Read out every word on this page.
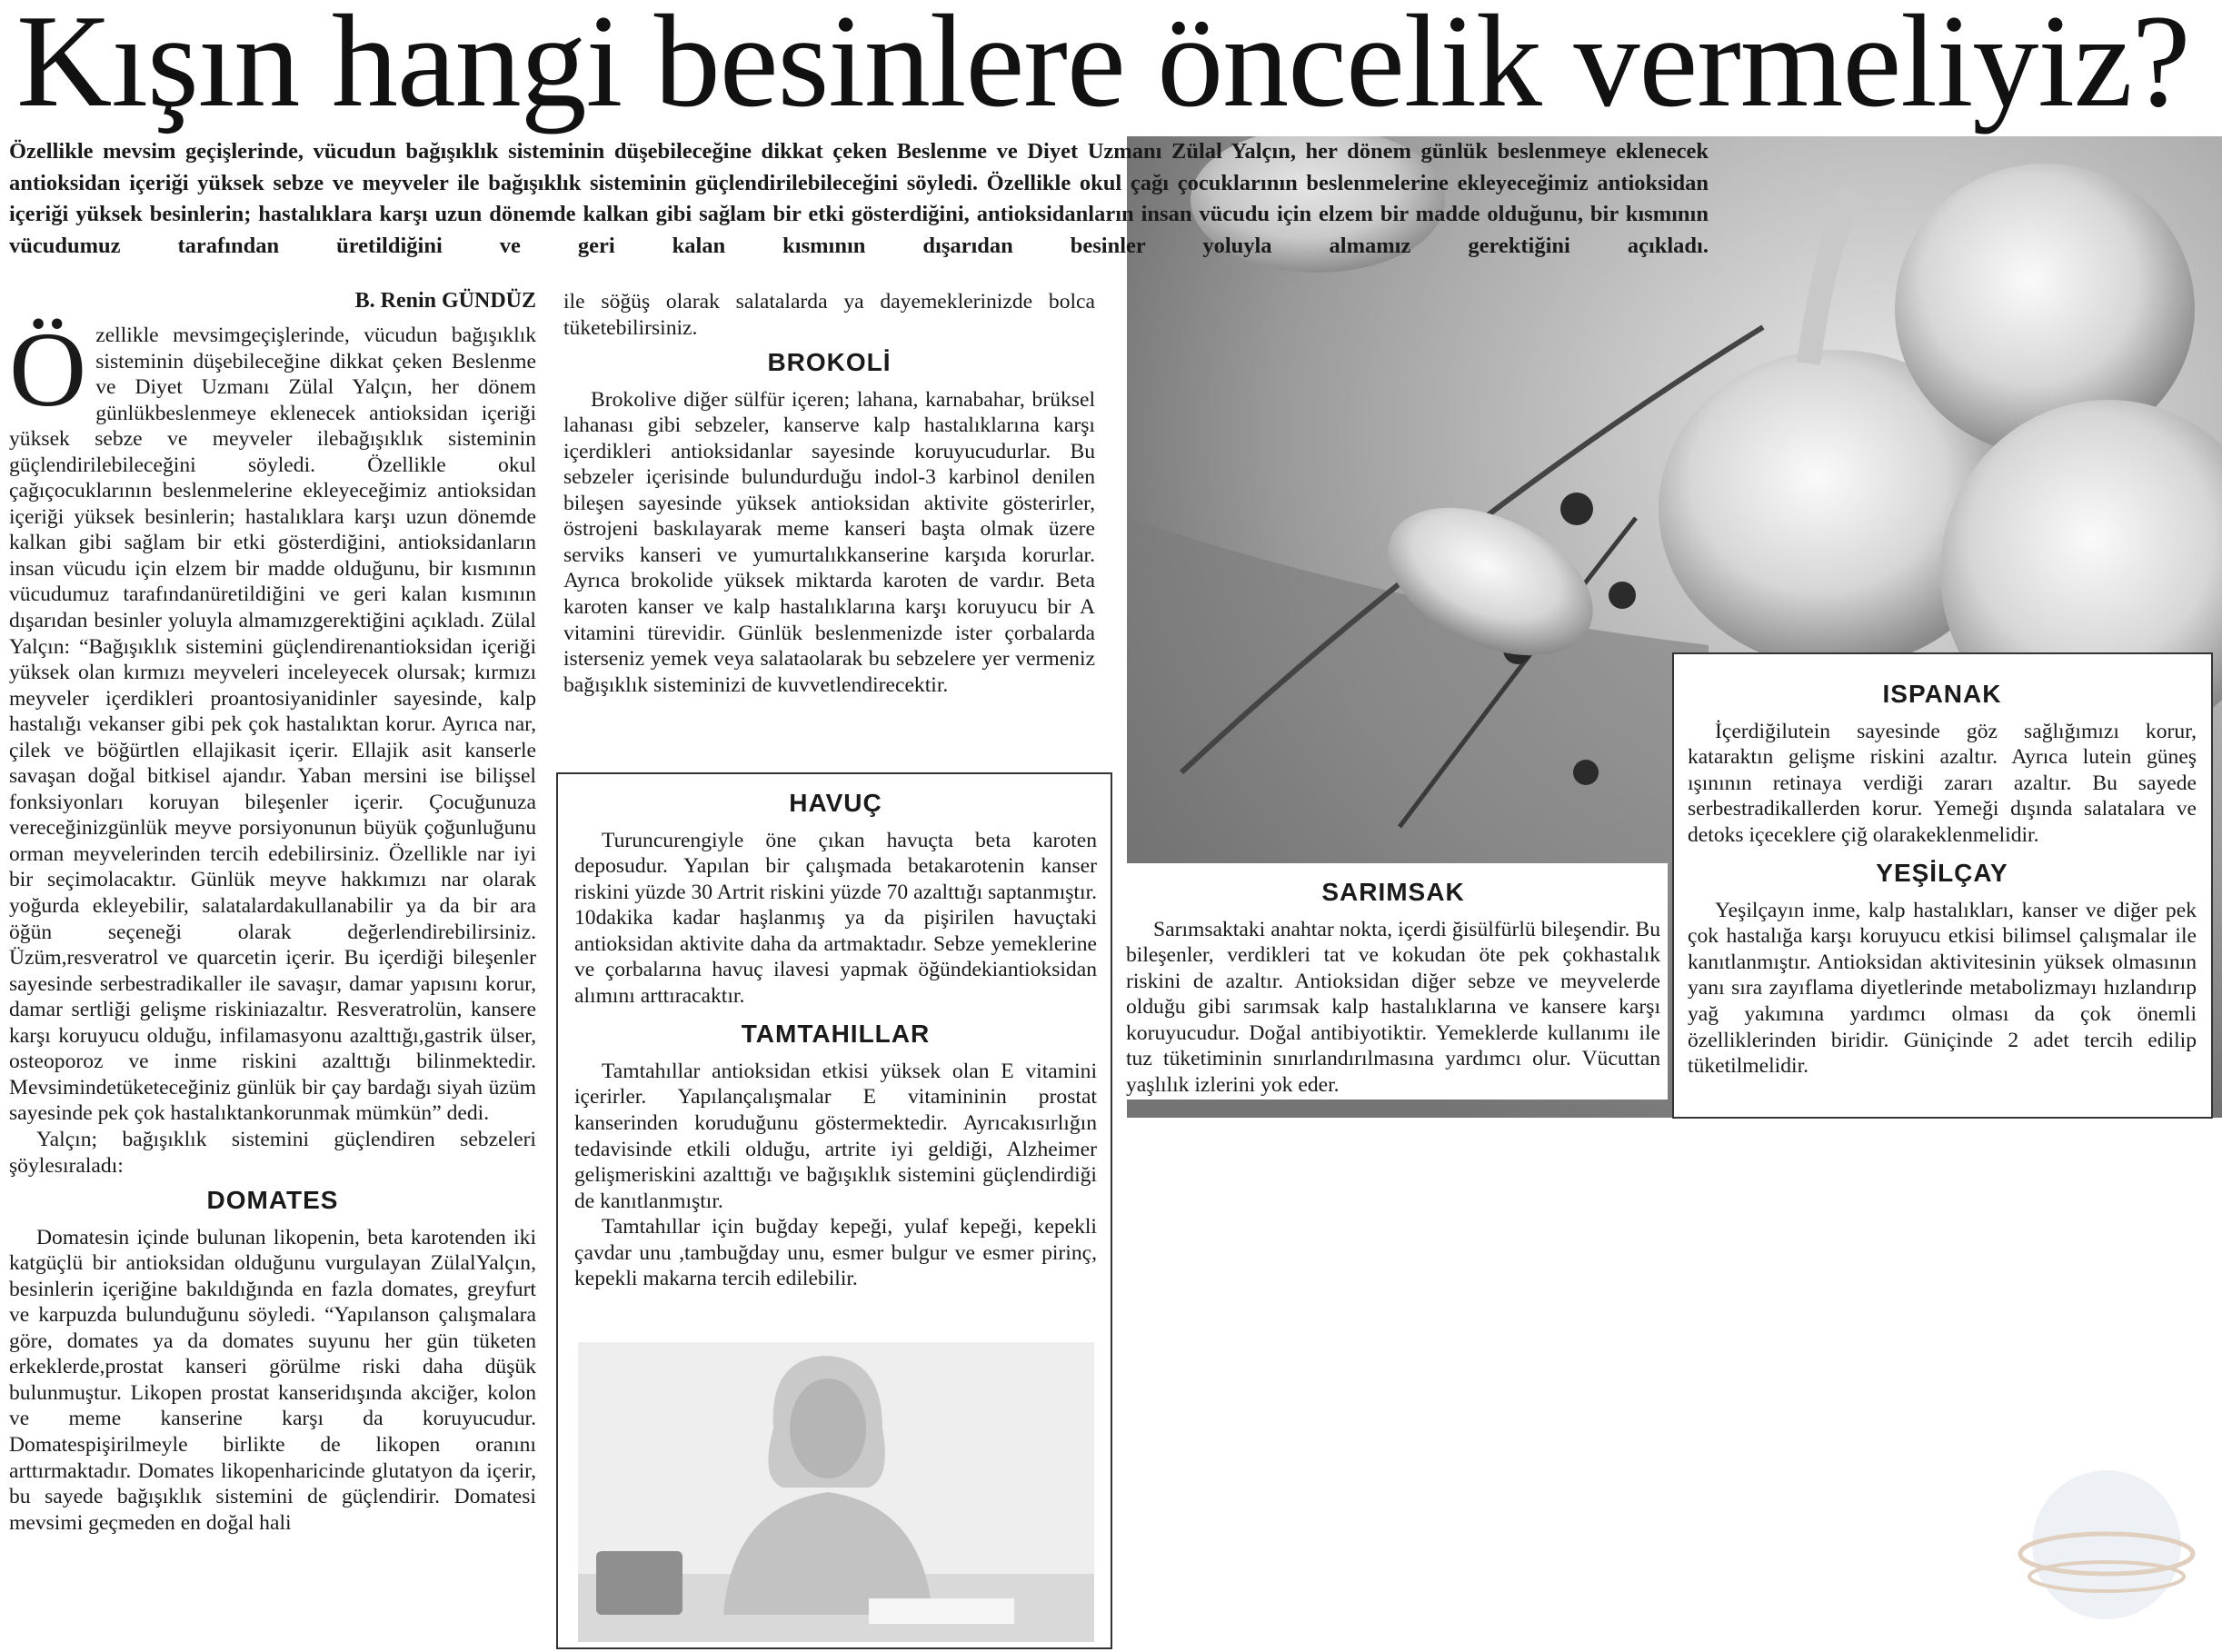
Kışın hangi besinlere öncelik vermeliyiz?
Özellikle mevsim geçişlerinde, vücudun bağışıklık sisteminin düşebileceğine dikkat çeken Beslenme ve Diyet Uzmanı Zülal Yalçın, her dönem günlük beslenmeye eklenecek antioksidan içeriği yüksek sebze ve meyveler ile bağışıklık sisteminin güçlendirilebileceğini söyledi. Özellikle okul çağı çocuklarının beslenmelerine ekleyeceğimiz antioksidan içeriği yüksek besinlerin; hastalıklara karşı uzun dönemde kalkan gibi sağlam bir etki gösterdiğini, antioksidanların insan vücudu için elzem bir madde olduğunu, bir kısmının vücudumuz tarafından üretildiğini ve geri kalan kısmının dışarıdan besinler yoluyla almamız gerektiğini açıkladı.
B. Renin GÜNDÜZ

Özellikle mevsimgeçişlerinde, vücudun bağışıklık sisteminin düşebileceğine dikkat çeken Beslenme ve Diyet Uzmanı Zülal Yalçın, her dönem günlükbeslenmeye eklenecek antioksidan içeriği yüksek sebze ve meyveler ilebağışıklık sisteminin güçlendirilebileceğini söyledi. Özellikle okul çağıçocuklarının beslenmelerine ekleyeceğimiz antioksidan içeriği yüksek besinlerin; hastalıklara karşı uzun dönemde kalkan gibi sağlam bir etki gösterdiğini, antioksidanların insan vücudu için elzem bir madde olduğunu, bir kısmının vücudumuz tarafındanüretildiğini ve geri kalan kısmının dışarıdan besinler yoluyla almamızgerektiğini açıkladı. Zülal Yalçın: “Bağışıklık sistemini güçlendirenantioksidan içeriği yüksek olan kırmızı meyveleri inceleyecek olursak; kırmızı meyveler içerdikleri proantosiyanidinler sayesinde, kalp hastalığı vekanser gibi pek çok hastalıktan korur. Ayrıca nar, çilek ve böğürtlen ellajikasit içerir. Ellajik asit kanserle savaşan doğal bitkisel ajandır. Yaban mersini ise bilişsel fonksiyonları koruyan bileşenler içerir. Çocuğunuza vereceğinizgünlük meyve porsiyonunun büyük çoğunluğunu orman meyvelerinden tercih edebilirsiniz. Özellikle nar iyi bir seçimolacaktır. Günlük meyve hakkımızı nar olarak yoğurda ekleyebilir, salatalardakullanabilir ya da bir ara öğün seçeneği olarak değerlendirebilirsiniz. Üzüm,resveratrol ve quarcetin içerir. Bu içerdiği bileşenler sayesinde serbestradikaller ile savaşır, damar yapısını korur, damar sertliği gelişme riskiniazaltır. Resveratrolün, kansere karşı koruyucu olduğu, infilamasyonu azalttığı,gastrik ülser, osteoporoz ve inme riskini azalttığı bilinmektedir. Mevsimindetüketeceğiniz günlük bir çay bardağı siyah üzüm sayesinde pek çok hastalıktankorunmak mümkün” dedi.

Yalçın; bağışıklık sistemini güçlendiren sebzeleri şöylesıraladı:

DOMATES

Domatesin içinde bulunan likopenin, beta karotenden iki katgüçlü bir antioksidan olduğunu vurgulayan ZülalYalçın, besinlerin içeriğine bakıldığında en fazla domates, greyfurt ve karpuzda bulunduğunu söyledi. “Yapılanson çalışmalara göre, domates ya da domates suyunu her gün tüketen erkeklerde,prostat kanseri görülme riski daha düşük bulunmuştur. Likopen prostat kanseridışında akciğer, kolon ve meme kanserine karşı da koruyucudur. Domatespişirilmeyle birlikte de likopen oranını arttırmaktadır. Domates likopenharicinde glutatyon da içerir, bu sayede bağışıklık sistemini de güçlendirir. Domatesi mevsimi geçmeden en doğal hali

ile söğüş olarak salatalarda ya dayemeklerinizde bolca tüketebilirsiniz.

BROKOLİ

Brokolive diğer sülfür içeren; lahana, karnabahar, brüksel lahanası gibi sebzeler, kanserve kalp hastalıklarına karşı içerdikleri antioksidanlar sayesinde koruyucudurlar. Bu sebzeler içerisinde bulundurduğu indol-3 karbinol denilen bileşen sayesinde yüksek antioksidan aktivite gösterirler, östrojeni baskılayarak meme kanseri başta olmak üzere serviks kanseri ve yumurtalıkkanserine karşıda korurlar. Ayrıca brokolide yüksek miktarda karoten de vardır. Beta karoten kanser ve kalp hastalıklarına karşı koruyucu bir A vitamini türevidir. Günlük beslenmenizde ister çorbalarda isterseniz yemek veya salataolarak bu sebzelere yer vermeniz bağışıklık sisteminizi de kuvvetlendirecektir.

HAVUÇ

Turuncurengiyle öne çıkan havuçta beta karoten deposudur. Yapılan bir çalışmada betakarotenin kanser riskini yüzde 30 Artrit riskini yüzde 70 azalttığı saptanmıştır. 10dakika kadar haşlanmış ya da pişirilen havuçtaki antioksidan aktivite daha da artmaktadır. Sebze yemeklerine ve çorbalarına havuç ilavesi yapmak öğündekiantioksidan alımını arttıracaktır.

TAMTAHILLAR

Tamtahıllar antioksidan etkisi yüksek olan E vitamini içerirler. Yapılançalışmalar E vitamininin prostat kanserinden koruduğunu göstermektedir. Ayrıcakısırlığın tedavisinde etkili olduğu, artrite iyi geldiği, Alzheimer gelişmeriskini azalttığı ve bağışıklık sistemini güçlendirdiği de kanıtlanmıştır.

Tamtahıllar için buğday kepeği, yulaf kepeği, kepekli çavdar unu ,tambuğday unu, esmer bulgur ve esmer pirinç, kepekli makarna tercih edilebilir.

SARIMSAK

Sarımsaktaki anahtar nokta, içerdi ğisülfürlü bileşendir. Bu bileşenler, verdikleri tat ve kokudan öte pek çokhastalık riskini de azaltır. Antioksidan diğer sebze ve meyvelerde olduğu gibi sarımsak kalp hastalıklarına ve kansere karşı koruyucudur. Doğal antibiyotiktir. Yemeklerde kullanımı ile tuz tüketiminin sınırlandırılmasına yardımcı olur. Vücuttan yaşlılık izlerini yok eder.

ISPANAK

İçerdiğilutein sayesinde göz sağlığımızı korur, kataraktın gelişme riskini azaltır. Ayrıca lutein güneş ışınının retinaya verdiği zararı azaltır. Bu sayede serbestradikallerden korur. Yemeği dışında salatalara ve detoks içeceklere çiğ olarakeklenmelidir.

YEŞİLÇAY

Yeşilçayın inme, kalp hastalıkları, kanser ve diğer pek çok hastalığa karşı koruyucu etkisi bilimsel çalışmalar ile kanıtlanmıştır. Antioksidan aktivitesinin yüksek olmasının yanı sıra zayıflama diyetlerinde metabolizmayı hızlandırıp yağ yakımına yardımcı olması da çok önemli özelliklerinden biridir. Güniçinde 2 adet tercih edilip tüketilmelidir.
